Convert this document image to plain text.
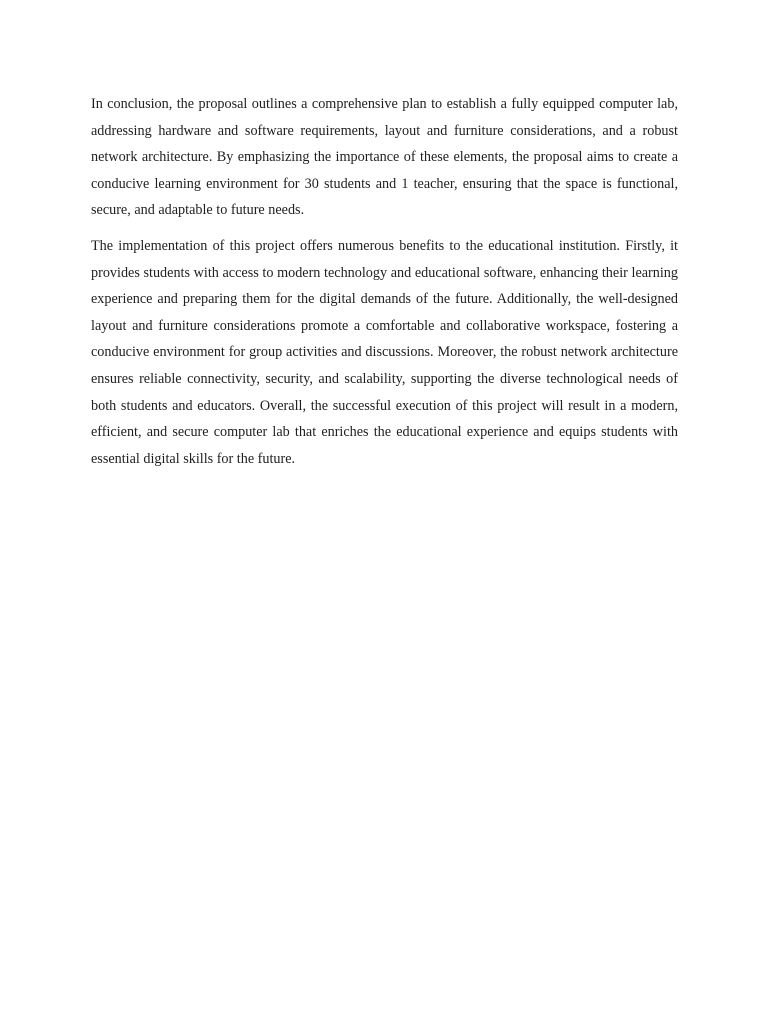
In conclusion, the proposal outlines a comprehensive plan to establish a fully equipped computer lab, addressing hardware and software requirements, layout and furniture considerations, and a robust network architecture. By emphasizing the importance of these elements, the proposal aims to create a conducive learning environment for 30 students and 1 teacher, ensuring that the space is functional, secure, and adaptable to future needs.

The implementation of this project offers numerous benefits to the educational institution. Firstly, it provides students with access to modern technology and educational software, enhancing their learning experience and preparing them for the digital demands of the future. Additionally, the well-designed layout and furniture considerations promote a comfortable and collaborative workspace, fostering a conducive environment for group activities and discussions. Moreover, the robust network architecture ensures reliable connectivity, security, and scalability, supporting the diverse technological needs of both students and educators. Overall, the successful execution of this project will result in a modern, efficient, and secure computer lab that enriches the educational experience and equips students with essential digital skills for the future.
